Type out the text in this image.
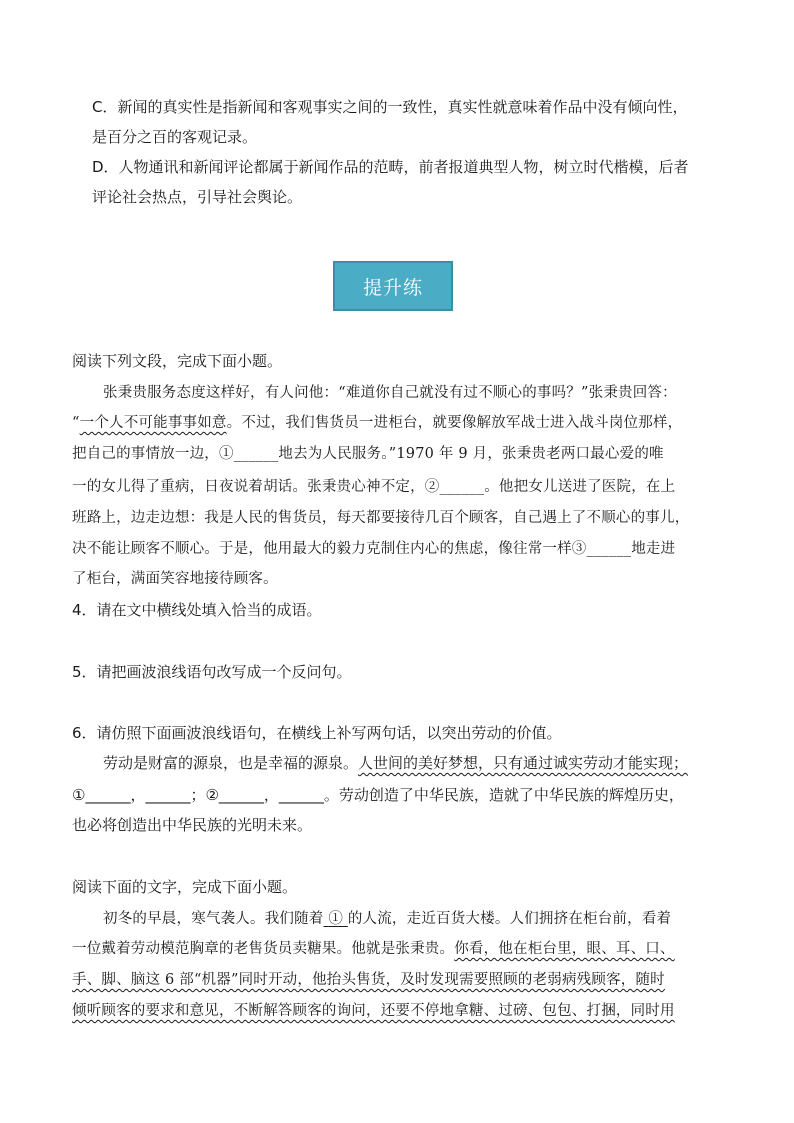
C．新闻的真实性是指新闻和客观事实之间的一致性，真实性就意味着作品中没有倾向性，
是百分之百的客观记录。
D．人物通讯和新闻评论都属于新闻作品的范畴，前者报道典型人物，树立时代楷模，后者
评论社会热点，引导社会舆论。
提升练
阅读下列文段，完成下面小题。
张秉贵服务态度这样好，有人问他：“难道你自己就没有过不顺心的事吗？”张秉贵回答：
“一个人不可能事事如意。不过，我们售货员一进柜台，就要像解放军战士进入战斗岗位那样，
把自己的事情放一边，①______地去为人民服务。”1970 年 9 月，张秉贵老两口最心爱的唯
一的女儿得了重病，日夜说着胡话。张秉贵心神不定，②______。他把女儿送进了医院，在上
班路上，边走边想：我是人民的售货员，每天都要接待几百个顾客，自己遇上了不顺心的事儿，
决不能让顾客不顺心。于是，他用最大的毅力克制住内心的焦虑，像往常一样③______地走进
了柜台，满面笑容地接待顾客。
4．请在文中横线处填入恰当的成语。
5．请把画波浪线语句改写成一个反问句。
6．请仿照下面画波浪线语句，在横线上补写两句话，以突出劳动的价值。
劳动是财富的源泉，也是幸福的源泉。人世间的美好梦想，只有通过诚实劳动才能实现；
①______，______；②______，______。劳动创造了中华民族，造就了中华民族的辉煌历史，
也必将创造出中华民族的光明未来。
阅读下面的文字，完成下面小题。
初冬的早晨，寒气袭人。我们随着 ① 的人流，走近百货大楼。人们拥挤在柜台前，看着
一位戴着劳动模范胸章的老售货员卖糖果。他就是张秉贵。你看，他在柜台里，眼、耳、口、
手、脚、脑这 6 部“机器”同时开动，他抬头售货，及时发现需要照顾的老弱病残顾客，随时
倾听顾客的要求和意见，不断解答顾客的询问，还要不停地拿糖、过磅、包包、打捆，同时用
